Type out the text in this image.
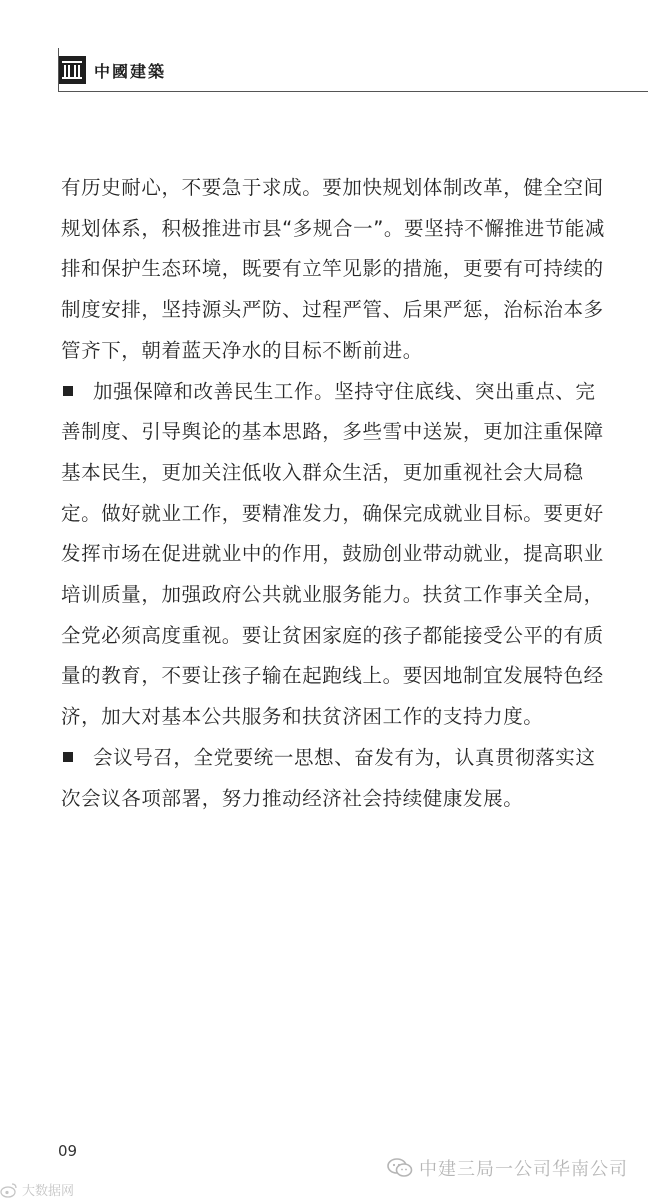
中國建築

有历史耐心，不要急于求成。要加快规划体制改革，健全空间规划体系，积极推进市县“多规合一”。要坚持不懈推进节能减排和保护生态环境，既要有立竿见影的措施，更要有可持续的制度安排，坚持源头严防、过程严管、后果严惩，治标治本多管齐下，朝着蓝天净水的目标不断前进。

加强保障和改善民生工作。坚持守住底线、突出重点、完善制度、引导舆论的基本思路，多些雪中送炭，更加注重保障基本民生，更加关注低收入群众生活，更加重视社会大局稳定。做好就业工作，要精准发力，确保完成就业目标。要更好发挥市场在促进就业中的作用，鼓励创业带动就业，提高职业培训质量，加强政府公共就业服务能力。扶贫工作事关全局，全党必须高度重视。要让贫困家庭的孩子都能接受公平的有质量的教育，不要让孩子输在起跑线上。要因地制宜发展特色经济，加大对基本公共服务和扶贫济困工作的支持力度。

会议号召，全党要统一思想、奋发有为，认真贯彻落实这次会议各项部署，努力推动经济社会持续健康发展。

09
中建三局一公司华南公司
大数据网
